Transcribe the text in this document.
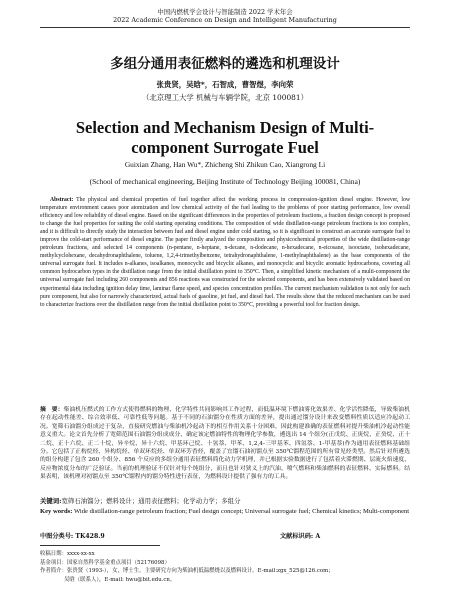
中国内燃机学会设计与智能制造 2022 学术年会
2022 Academic Conference on Design and Intelligent Manufacturing
多组分通用表征燃料的遴选和机理设计
张贵贤，吴晗*，石智成，曹智煜，李向荣
（北京理工大学 机械与车辆学院，北京 100081）
Selection and Mechanism Design of Multi-component Surrogate Fuel
Guixian Zhang, Han Wu*, Zhicheng Shi Zhikun Cao, Xiangrong Li
(School of mechanical engineering, Beijing Institute of Technology Beijing 100081, China)
Abstract: The physical and chemical properties of fuel together affect the working process in compression-ignition diesel engine. However, low temperature environment causes poor atomization and low chemical activity of the fuel leading to the problems of poor starting performance, low overall efficiency and low reliability of diesel engine. Based on the significant differences in the properties of petroleum fractions, a fraction design concept is proposed to change the fuel properties for suiting the cold starting operating conditions. The composition of wide distillation-range petroleum fractions is too complex, and it is difficult to directly study the interaction between fuel and diesel engine under cold starting, so it is significant to construct an accurate surrogate fuel to improve the cold-start performance of diesel engine. The paper firstly analyzed the composition and physicochemical properties of the wide distillation-range petroleum fractions, and selected 14 components (n-pentane, n-heptane, n-decane, n-dodecane, n-hexadecane, n-eicosane, isooctane, isohexadecane, methylcyclohexane, decahydronaphthalene, toluene, 1,2,4-trimethylbenzene, tetrahydronaphthalene, 1-methylnaphthalene) as the base components of the universal surrogate fuel. It includes n-alkanes, isoalkanes, monocyclic and bicyclic alkanes, and monocyclic and bicyclic aromatic hydrocarbons, covering all common hydrocarbon types in the distillation range from the initial distillation point to 350°C. Then, a simplified kinetic mechanism of a multi-component the universal surrogate fuel including 260 components and 856 reactions was constructed for the selected components, and has been extensively validated based on experimental data including ignition delay time, laminar flame speed, and species concentration profiles. The current mechanism validation is not only for each pure component, but also for narrowly characterized, actual fuels of gasoline, jet fuel, and diesel fuel. The results show that the reduced mechanism can be used to characterize fractions over the distillation range from the initial distillation point to 350°C, providing a powerful tool for fraction design.
摘　要：柴油机压燃式的工作方式使得燃料的物理、化学特性共同影响其工作过程，而低温环境下燃油雾化效果差、化学活性降低，导致柴油机存在起动性能差、综合效率低、可靠性低等问题。基于不同的石油馏分在性质方面的差异，提出通过馏分设计来改变燃料性质以适应冷起动工况。宽筛石油馏分组成过于复杂，直接研究燃油与柴油机冷起动下的相互作用关系十分困难，因此构建准确的表征燃料对提升柴油机冷起动性能意义重大。论文首先分析了宽筛范围石油馏分组成成分、确定该定燃油特性的物理化学参数，遴选出 14 个组分(正戊烷、正庚烷、正癸烷、正十二烷、正十六烷、正二十烷、异辛烷、异十六烷、甲基环己烷、十氢萘、甲苯、1,2,4-三甲基苯、四氢萘、1-甲基萘)作为通用表征燃料基础组分。它包括了正构烷烃、异构烷烃、单双环烷烃、单双环芳香烃，覆盖了宜馏石油初馏点至 350℃馏程范围的所有常见烃类型。然后针对所遴选的组分构建了包含 260 个组分、856 个反应的多组分通用表征燃料简化动力学机理，并已根据实验数据进行了包括着火滞燃期、层流火焰速度、反应物浓度分布的广泛验证。当前的机理验证不仅针对每个纯组分，而且也针对狭义上的汽油、喷气燃料和柴油燃料的表征燃料、实际燃料。结果表明，该机理对初馏点至 350℃馏程内的馏分特性进行表征，为燃料设计提供了强有力的工具。
关键词:宽筛石油馏分；燃料设计；通用表征燃料；化学动力学；多组分
Key words: Wide distillation-range petroleum fraction; Fuel design concept; Universal surrogate fuel; Chemical kinetics; Multi-component
中图分类号: TK428.9	文献标识码: A
收稿日期：xxxx-xx-xx
基金项目：国家自然科学基金重点项目（52176098）
作者简介：张贵贤（1993-），女，博士生，主要研究方向为柴油机低温燃烧以及燃料设计。E-mail:zgx_525@126.com；
吴晗（联系人），E-mail: hwu@bit.edu.cn。
